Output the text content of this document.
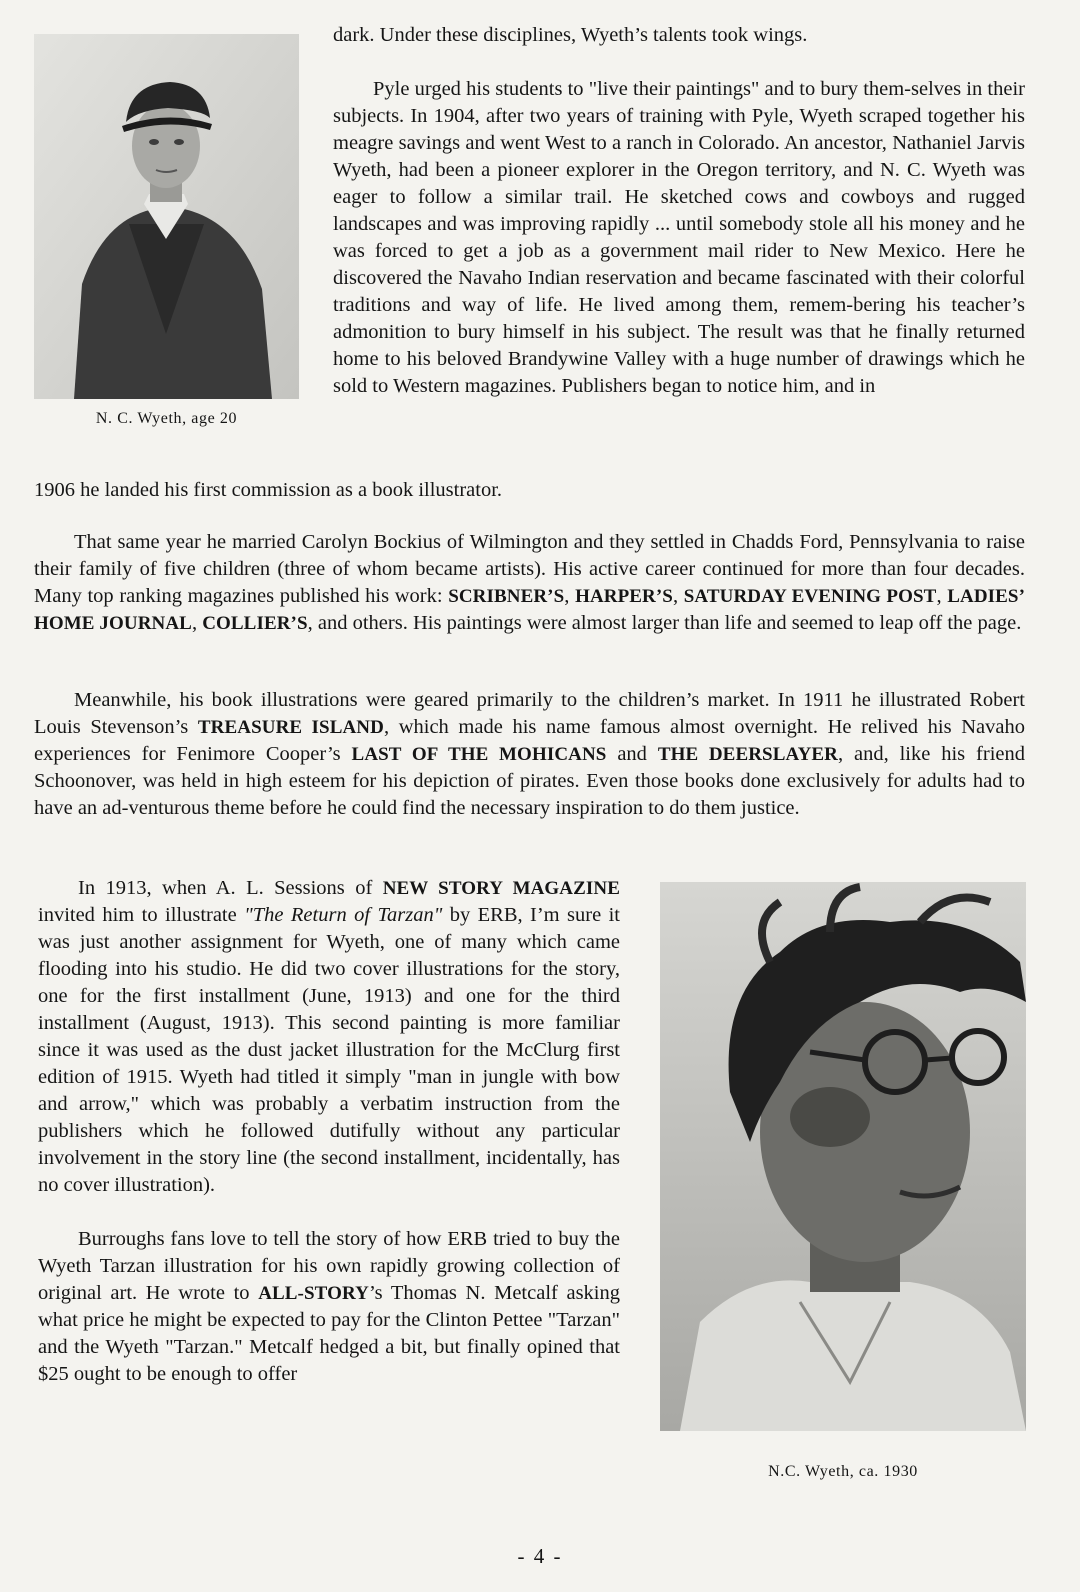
N. C. Wyeth, age 20

dark. Under these disciplines, Wyeth’s talents took wings.

Pyle urged his students to "live their paintings" and to bury them-selves in their subjects. In 1904, after two years of training with Pyle, Wyeth scraped together his meagre savings and went West to a ranch in Colorado. An ancestor, Nathaniel Jarvis Wyeth, had been a pioneer explorer in the Oregon territory, and N. C. Wyeth was eager to follow a similar trail. He sketched cows and cowboys and rugged landscapes and was improving rapidly ... until somebody stole all his money and he was forced to get a job as a government mail rider to New Mexico. Here he discovered the Navaho Indian reservation and became fascinated with their colorful traditions and way of life. He lived among them, remem-bering his teacher’s admonition to bury himself in his subject. The result was that he finally returned home to his beloved Brandywine Valley with a huge number of drawings which he sold to Western magazines. Publishers began to notice him, and in

1906 he landed his first commission as a book illustrator.

That same year he married Carolyn Bockius of Wilmington and they settled in Chadds Ford, Pennsylvania to raise their family of five children (three of whom became artists). His active career continued for more than four decades. Many top ranking magazines published his work: SCRIBNER’S, HARPER’S, SATURDAY EVENING POST, LADIES’ HOME JOURNAL, COLLIER’S, and others. His paintings were almost larger than life and seemed to leap off the page.

Meanwhile, his book illustrations were geared primarily to the children’s market. In 1911 he illustrated Robert Louis Stevenson’s TREASURE ISLAND, which made his name famous almost overnight. He relived his Navaho experiences for Fenimore Cooper’s LAST OF THE MOHICANS and THE DEERSLAYER, and, like his friend Schoonover, was held in high esteem for his depiction of pirates. Even those books done exclusively for adults had to have an ad-venturous theme before he could find the necessary inspiration to do them justice.

In 1913, when A. L. Sessions of NEW STORY MAGAZINE invited him to illustrate "The Return of Tarzan" by ERB, I’m sure it was just another assignment for Wyeth, one of many which came flooding into his studio. He did two cover illustrations for the story, one for the first installment (June, 1913) and one for the third installment (August, 1913). This second painting is more familiar since it was used as the dust jacket illustration for the McClurg first edition of 1915. Wyeth had titled it simply "man in jungle with bow and arrow," which was probably a verbatim instruction from the publishers which he followed dutifully without any particular involvement in the story line (the second installment, incidentally, has no cover illustration).

Burroughs fans love to tell the story of how ERB tried to buy the Wyeth Tarzan illustration for his own rapidly growing collection of original art. He wrote to ALL-STORY’s Thomas N. Metcalf asking what price he might be expected to pay for the Clinton Pettee "Tarzan" and the Wyeth "Tarzan." Metcalf hedged a bit, but finally opined that $25 ought to be enough to offer

N.C. Wyeth, ca. 1930
- 4 -
